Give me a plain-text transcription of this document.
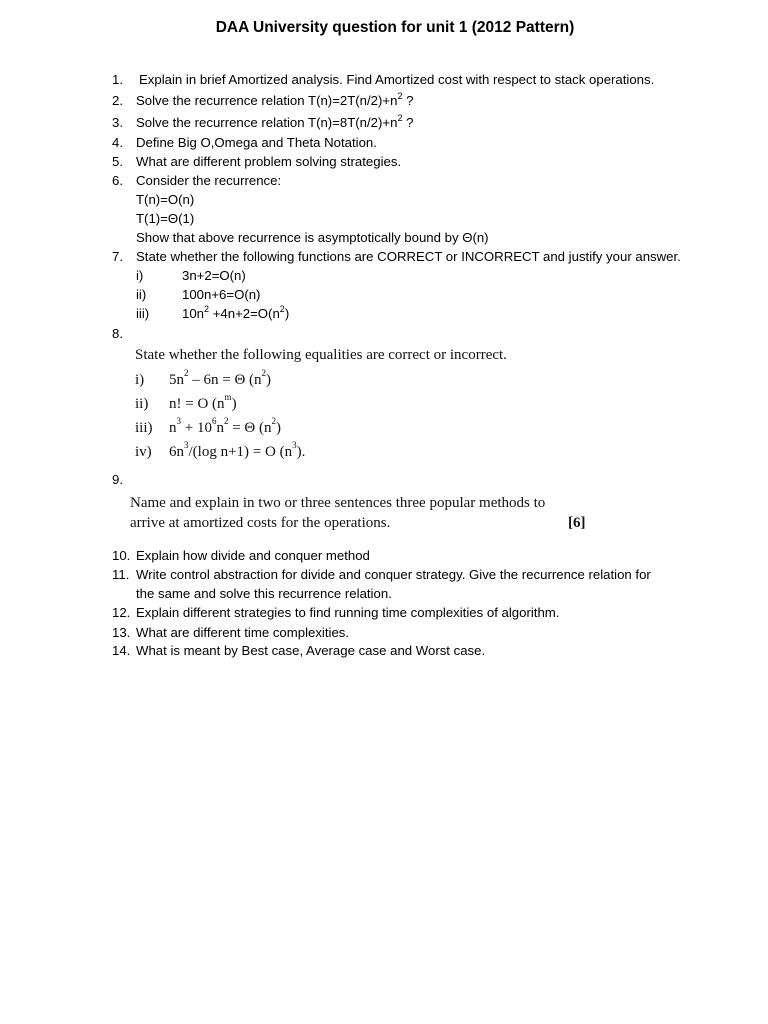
DAA University question for unit 1 (2012 Pattern)
1.	Explain in brief Amortized analysis. Find Amortized cost with respect to stack operations.
2. Solve the recurrence relation $T(n)=2T(n/2)+n^2$ ?
3. Solve the recurrence relation $T(n)=8T(n/2)+n^2$ ?
4. Define Big O,Omega and Theta Notation.
5. What are different problem solving strategies.
6. Consider the recurrence:
T(n)=O(n)
T(1)=Θ(1)
Show that above recurrence is asymptotically bound by Θ(n)
7. State whether the following functions are CORRECT or INCORRECT and justify your answer.
i)	3n+2=O(n)
ii)	100n+6=O(n)
iii) $10n^2 +4n+2=O(n^2)$
8.
State whether the following equalities are correct or incorrect.
i) $5n^2 - 6n = \Theta$ $(n^2)$
ii) n! = O $(n^m)$
iii) $n^3 + 10^6n^2 = \Theta$ $(n^2)$
iv) $6n^3/(\log$ n+1) = O $(n^3)$.
9.
Name and explain in two or three sentences three popular methods to
arrive at amortized costs for the operations.	[6]
10. Explain how divide and conquer method
11. Write control abstraction for divide and conquer strategy. Give the recurrence relation for
the same and solve this recurrence relation.
12. Explain different strategies to find running time complexities of algorithm.
13. What are different time complexities.
14. What is meant by Best case, Average case and Worst case.
